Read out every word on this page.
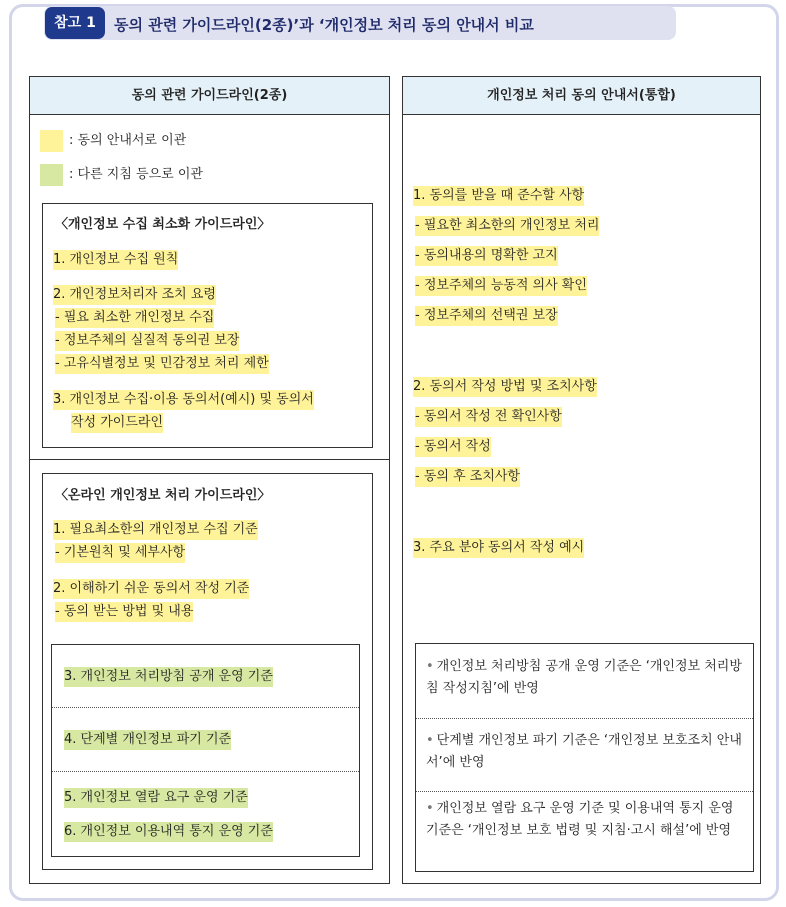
참고 1	동의 관련 가이드라인(2종)’과 ‘개인정보 처리 동의 안내서 비교
동의 관련 가이드라인(2종)
: 동의 안내서로 이관
: 다른 지침 등으로 이관
〈개인정보 수집 최소화 가이드라인〉
1. 개인정보 수집 원칙
2. 개인정보처리자 조치 요령
- 필요 최소한 개인정보 수집
- 정보주체의 실질적 동의권 보장
- 고유식별정보 및 민감정보 처리 제한
3. 개인정보 수집·이용 동의서(예시) 및 동의서
작성 가이드라인
〈온라인 개인정보 처리 가이드라인〉
1. 필요최소한의 개인정보 수집 기준
- 기본원칙 및 세부사항
2. 이해하기 쉬운 동의서 작성 기준
- 동의 받는 방법 및 내용
3. 개인정보 처리방침 공개 운영 기준
4. 단계별 개인정보 파기 기준
5. 개인정보 열람 요구 운영 기준
6. 개인정보 이용내역 통지 운영 기준
개인정보 처리 동의 안내서(통합)
1. 동의를 받을 때 준수할 사항
- 필요한 최소한의 개인정보 처리
- 동의내용의 명확한 고지
- 정보주체의 능동적 의사 확인
- 정보주체의 선택권 보장
2. 동의서 작성 방법 및 조치사항
- 동의서 작성 전 확인사항
- 동의서 작성
- 동의 후 조치사항
3. 주요 분야 동의서 작성 예시
• 개인정보 처리방침 공개 운영 기준은 ‘개인정보 처리방침 작성지침’에 반영
• 단계별 개인정보 파기 기준은 ‘개인정보 보호조치 안내서’에 반영
• 개인정보 열람 요구 운영 기준 및 이용내역 통지 운영 기준은 ‘개인정보 보호 법령 및 지침·고시 해설’에 반영
